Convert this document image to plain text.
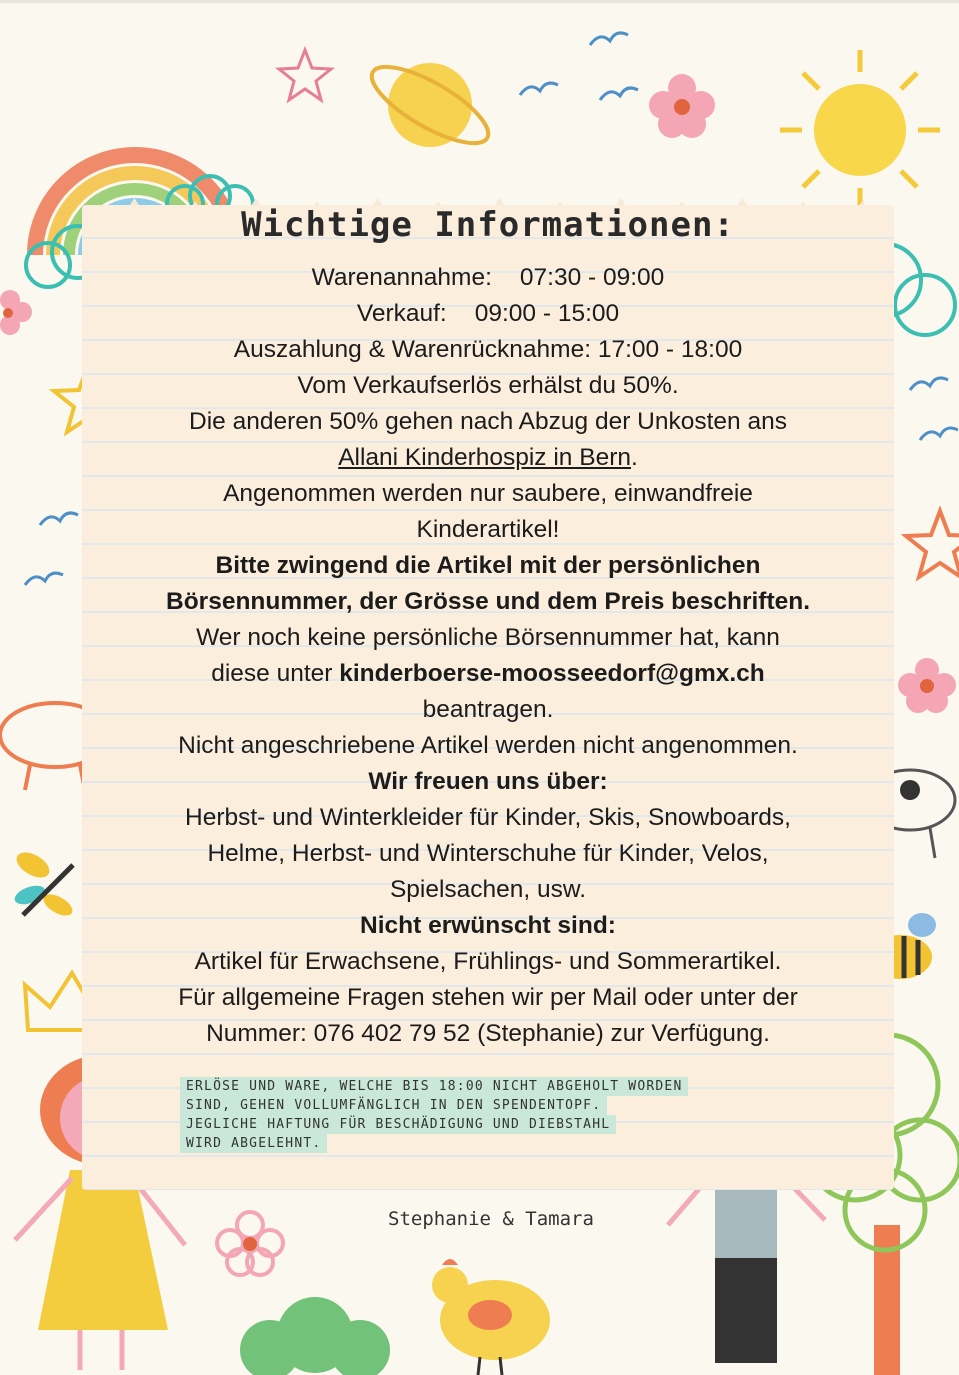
Wichtige Informationen:

Warenannahme: 07:30 - 09:00

Verkauf: 09:00 - 15:00

Auszahlung & Warenrücknahme: 17:00 - 18:00

Vom Verkaufserlös erhälst du 50%.

Die anderen 50% gehen nach Abzug der Unkosten ans

Allani Kinderhospiz in Bern.

Angenommen werden nur saubere, einwandfreie

Kinderartikel!

Bitte zwingend die Artikel mit der persönlichen

Börsennummer, der Grösse und dem Preis beschriften.

Wer noch keine persönliche Börsennummer hat, kann

diese unter kinderboerse-moosseedorf@gmx.ch

beantragen.

Nicht angeschriebene Artikel werden nicht angenommen.

Wir freuen uns über:

Herbst- und Winterkleider für Kinder, Skis, Snowboards,

Helme, Herbst- und Winterschuhe für Kinder, Velos,

Spielsachen, usw.

Nicht erwünscht sind:

Artikel für Erwachsene, Frühlings- und Sommerartikel.

Für allgemeine Fragen stehen wir per Mail oder unter der

Nummer: 076 402 79 52 (Stephanie) zur Verfügung.

ERLÖSE UND WARE, WELCHE BIS 18:00 NICHT ABGEHOLT WORDEN
SIND, GEHEN VOLLUMFÄNGLICH IN DEN SPENDENTOPF.
JEGLICHE HAFTUNG FÜR BESCHÄDIGUNG UND DIEBSTAHL
WIRD ABGELEHNT.
Stephanie & Tamara
